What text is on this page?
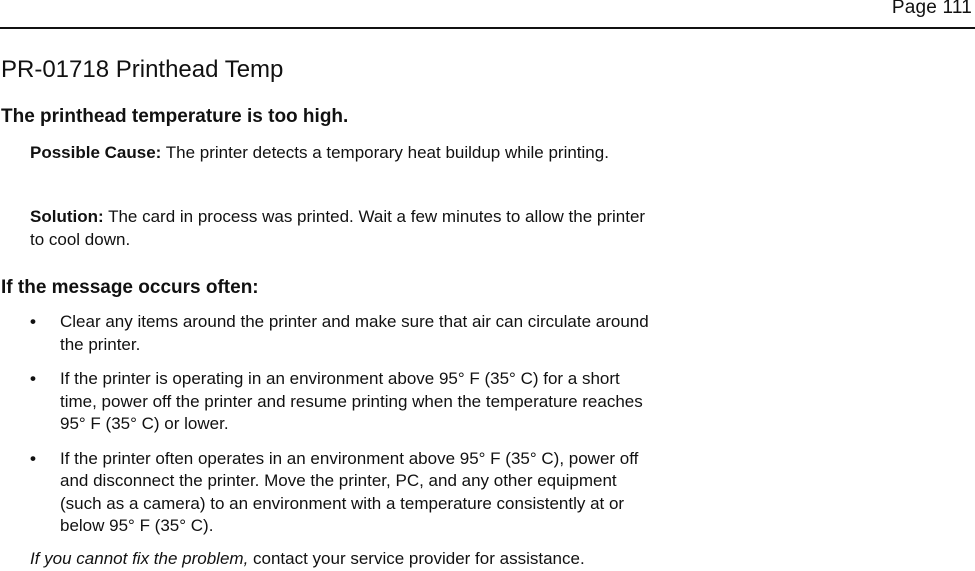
Page 111
PR-01718 Printhead Temp
The printhead temperature is too high.

Possible Cause: The printer detects a temporary heat buildup while printing.

Solution: The card in process was printed. Wait a few minutes to allow the printer to cool down.

If the message occurs often:
• Clear any items around the printer and make sure that air can circulate around the printer.
• If the printer is operating in an environment above 95° F (35° C) for a short time, power off the printer and resume printing when the temperature reaches 95° F (35° C) or lower.
• If the printer often operates in an environment above 95° F (35° C), power off and disconnect the printer. Move the printer, PC, and any other equipment (such as a camera) to an environment with a temperature consistently at or below 95° F (35° C).

If you cannot fix the problem, contact your service provider for assistance.
